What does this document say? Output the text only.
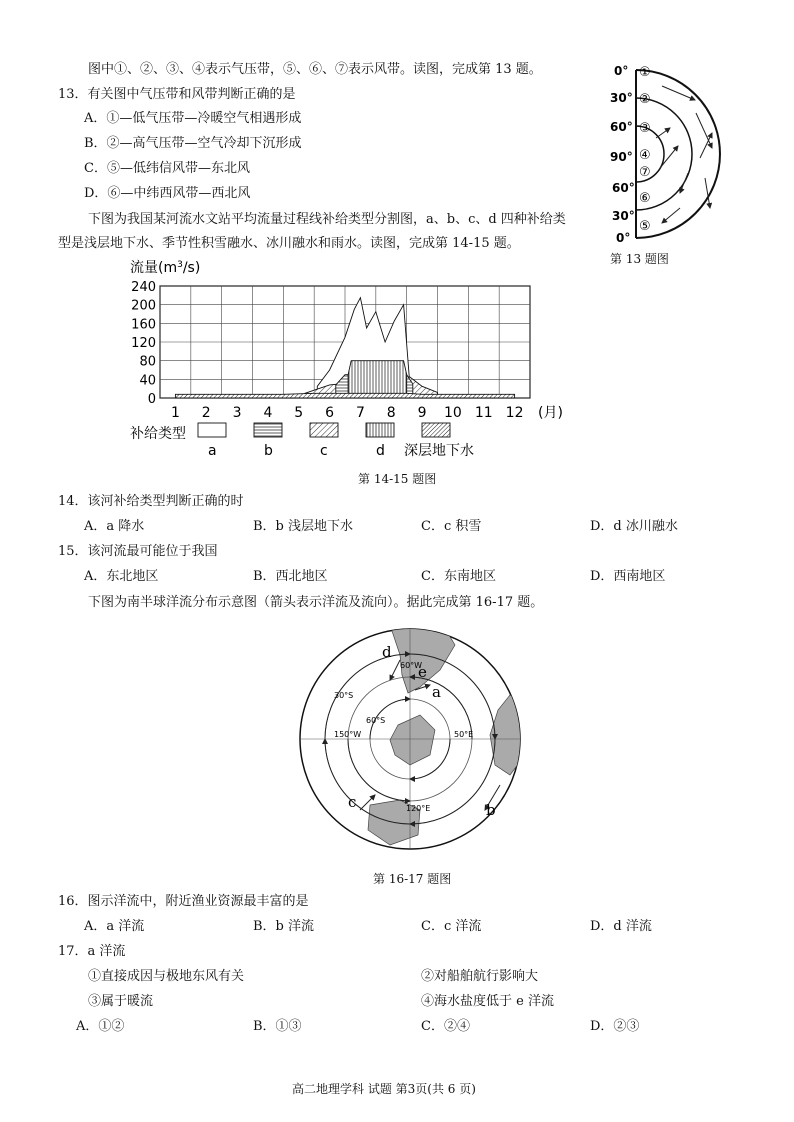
图中①、②、③、④表示气压带，⑤、⑥、⑦表示风带。读图，完成第 13 题。
13．有关图中气压带和风带判断正确的是
A．①—低气压带—冷暖空气相遇形成
B．②—高气压带—空气冷却下沉形成
C．⑤—低纬信风带—东北风
D．⑥—中纬西风带—西北风
0°
30°
60°
90°
60°
30°
0°
①
②
③
④
⑦
⑥
⑤
第 13 题图
下图为我国某河流水文站平均流量过程线补给类型分割图，a、b、c、d 四种补给类
型是浅层地下水、季节性积雪融水、冰川融水和雨水。读图，完成第 14-15 题。
240
200
160
120
80
40
0
1 2 3 4 5 6 7 8 9 10 11 12
流量$(m^3/s)$
(月)
补给类型
a	b	c	d 深层地下水
第 14-15 题图
14．该河补给类型判断正确的时
A．a 降水	B．b 浅层地下水	C．c 积雪	D．d 冰川融水
15．该河流最可能位于我国
A．东北地区	B．西北地区	C．东南地区	D．西南地区
下图为南半球洋流分布示意图（箭头表示洋流及流向）。据此完成第 16-17 题。
d
e
a
b
c
60°W
30°S
60°S
150°W	50°E
120°E
第 16-17 题图
16．图示洋流中，附近渔业资源最丰富的是
A．a 洋流	B．b 洋流	C．c 洋流	D．d 洋流
17．a 洋流
①直接成因与极地东风有关	②对船舶航行影响大
③属于暖流	④海水盐度低于 e 洋流
A．①②	B．①③	C．②④	D．②③
高二地理学科 试题 第3页(共 6 页)
